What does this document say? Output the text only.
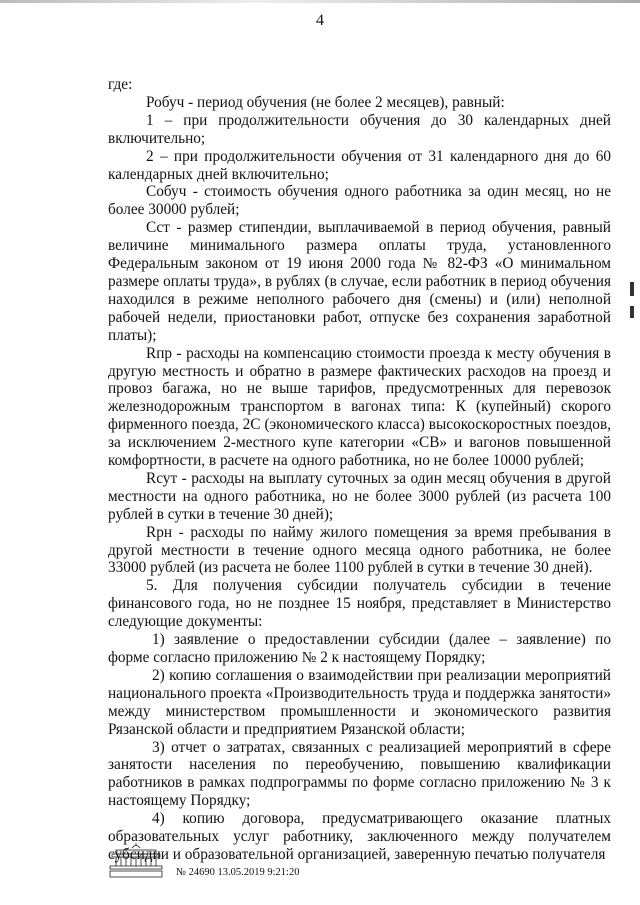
4

где:

Робуч - период обучения (не более 2 месяцев), равный:

1 – при продолжительности обучения до 30 календарных дней включительно;

2 – при продолжительности обучения от 31 календарного дня до 60 календарных дней включительно;

Собуч - стоимость обучения одного работника за один месяц, но не более 30000 рублей;

Сст - размер стипендии, выплачиваемой в период обучения, равный величине минимального размера оплаты труда, установленного Федеральным законом от 19 июня 2000 года № 82-ФЗ «О минимальном размере оплаты труда», в рублях (в случае, если работник в период обучения находился в режиме неполного рабочего дня (смены) и (или) неполной рабочей недели, приостановки работ, отпуске без сохранения заработной платы);

Rпр - расходы на компенсацию стоимости проезда к месту обучения в другую местность и обратно в размере фактических расходов на проезд и провоз багажа, но не выше тарифов, предусмотренных для перевозок железнодорожным транспортом в вагонах типа: К (купейный) скорого фирменного поезда, 2С (экономического класса) высокоскоростных поездов, за исключением 2-местного купе категории «СВ» и вагонов повышенной комфортности, в расчете на одного работника, но не более 10000 рублей;

Rсут - расходы на выплату суточных за один месяц обучения в другой местности на одного работника, но не более 3000 рублей (из расчета 100 рублей в сутки в течение 30 дней);

Rрн - расходы по найму жилого помещения за время пребывания в другой местности в течение одного месяца одного работника, не более 33000 рублей (из расчета не более 1100 рублей в сутки в течение 30 дней).

5. Для получения субсидии получатель субсидии в течение финансового года, но не позднее 15 ноября, представляет в Министерство следующие документы:

1) заявление о предоставлении субсидии (далее – заявление) по форме согласно приложению № 2 к настоящему Порядку;

2) копию соглашения о взаимодействии при реализации мероприятий национального проекта «Производительность труда и поддержка занятости» между министерством промышленности и экономического развития Рязанской области и предприятием Рязанской области;

3) отчет о затратах, связанных с реализацией мероприятий в сфере занятости населения по переобучению, повышению квалификации работников в рамках подпрограммы по форме согласно приложению № 3 к настоящему Порядку;

4) копию договора, предусматривающего оказание платных образовательных услуг работнику, заключенного между получателем субсидии и образовательной организацией, заверенную печатью получателя

№ 24690 13.05.2019 9:21:20
